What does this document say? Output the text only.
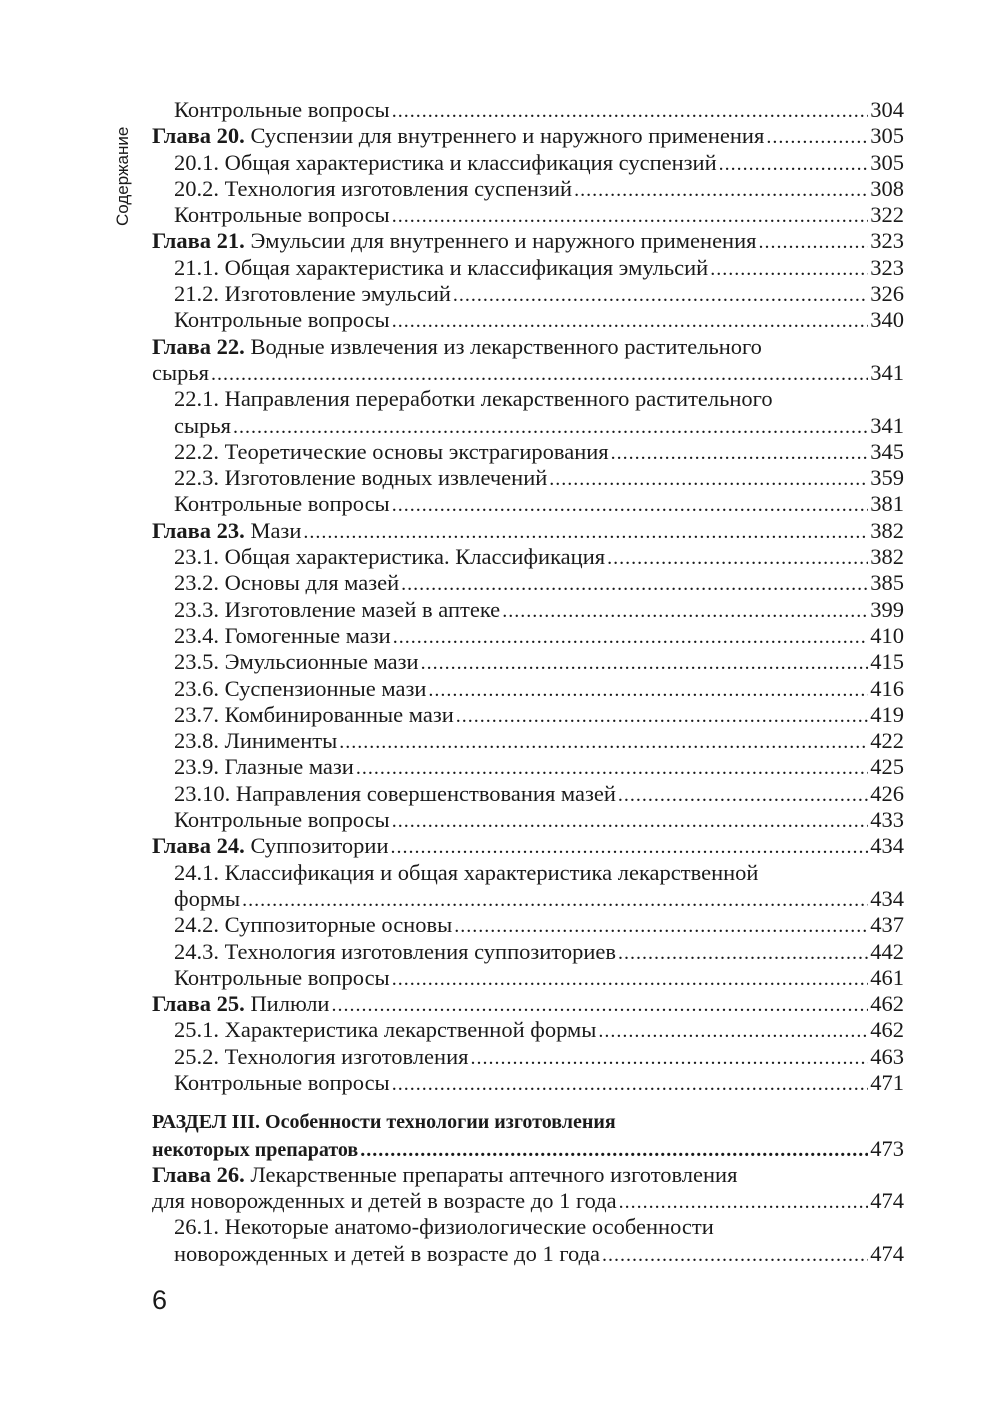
Содержание
Контрольные вопросы .....	304
Глава 20. Суспензии для внутреннего и наружного применения .....	305
20.1. Общая характеристика и классификация суспензий .....	305
20.2. Технология изготовления суспензий .....	308
Контрольные вопросы .....	322
Глава 21. Эмульсии для внутреннего и наружного применения .....	323
21.1. Общая характеристика и классификация эмульсий .....	323
21.2. Изготовление эмульсий .....	326
Контрольные вопросы .....	340
Глава 22. Водные извлечения из лекарственного растительного
сырья .....	341
22.1. Направления переработки лекарственного растительного
сырья .....	341
22.2. Теоретические основы экстрагирования .....	345
22.3. Изготовление водных извлечений .....	359
Контрольные вопросы .....	381
Глава 23. Мази .....	382
23.1. Общая характеристика. Классификация .....	382
23.2. Основы для мазей .....	385
23.3. Изготовление мазей в аптеке .....	399
23.4. Гомогенные мази .....	410
23.5. Эмульсионные мази .....	415
23.6. Суспензионные мази .....	416
23.7. Комбинированные мази .....	419
23.8. Линименты .....	422
23.9. Глазные мази .....	425
23.10. Направления совершенствования мазей .....	426
Контрольные вопросы .....	433
Глава 24. Суппозитории .....	434
24.1. Классификация и общая характеристика лекарственной
формы .....	434
24.2. Суппозиторные основы .....	437
24.3. Технология изготовления суппозиториев .....	442
Контрольные вопросы .....	461
Глава 25. Пилюли .....	462
25.1. Характеристика лекарственной формы .....	462
25.2. Технология изготовления .....	463
Контрольные вопросы .....	471
РАЗДЕЛ III. Особенности технологии изготовления
некоторых препаратов .....	473
Глава 26. Лекарственные препараты аптечного изготовления
для новорожденных и детей в возрасте до 1 года .....	474
26.1. Некоторые анатомо-физиологические особенности
новорожденных и детей в возрасте до 1 года .....	474
6
